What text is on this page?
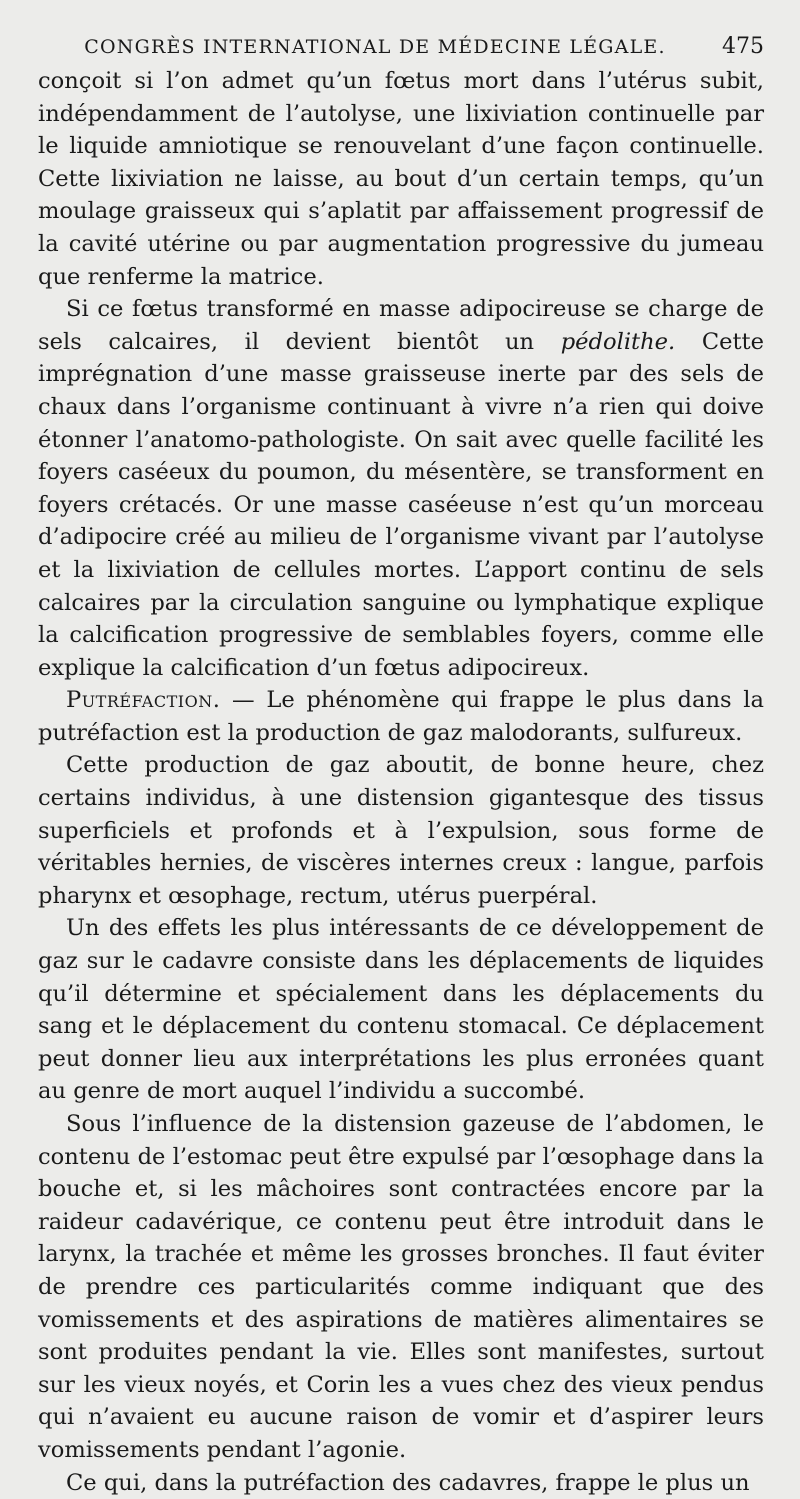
CONGRÈS INTERNATIONAL DE MÉDECINE LÉGALE.	475

conçoit si l’on admet qu’un fœtus mort dans l’utérus subit, indépendamment de l’autolyse, une lixiviation continuelle par le liquide amniotique se renouvelant d’une façon continuelle. Cette lixiviation ne laisse, au bout d’un certain temps, qu’un moulage graisseux qui s’aplatit par affaissement progressif de la cavité utérine ou par augmentation progressive du jumeau que renferme la matrice.

Si ce fœtus transformé en masse adipocireuse se charge de sels calcaires, il devient bientôt un pédolithe. Cette imprégnation d’une masse graisseuse inerte par des sels de chaux dans l’organisme continuant à vivre n’a rien qui doive étonner l’anatomo-pathologiste. On sait avec quelle facilité les foyers caséeux du poumon, du mésentère, se transforment en foyers crétacés. Or une masse caséeuse n’est qu’un morceau d’adipocire créé au milieu de l’organisme vivant par l’autolyse et la lixiviation de cellules mortes. L’apport continu de sels calcaires par la circulation sanguine ou lymphatique explique la calcification progressive de semblables foyers, comme elle explique la calcification d’un fœtus adipocireux.

Putréfaction. — Le phénomène qui frappe le plus dans la putréfaction est la production de gaz malodorants, sulfureux.

Cette production de gaz aboutit, de bonne heure, chez certains individus, à une distension gigantesque des tissus superficiels et profonds et à l’expulsion, sous forme de véritables hernies, de viscères internes creux : langue, parfois pharynx et œsophage, rectum, utérus puerpéral.

Un des effets les plus intéressants de ce développement de gaz sur le cadavre consiste dans les déplacements de liquides qu’il détermine et spécialement dans les déplacements du sang et le déplacement du contenu stomacal. Ce déplacement peut donner lieu aux interprétations les plus erronées quant au genre de mort auquel l’individu a succombé.

Sous l’influence de la distension gazeuse de l’abdomen, le contenu de l’estomac peut être expulsé par l’œsophage dans la bouche et, si les mâchoires sont contractées encore par la raideur cadavérique, ce contenu peut être introduit dans le larynx, la trachée et même les grosses bronches. Il faut éviter de prendre ces particularités comme indiquant que des vomissements et des aspirations de matières alimentaires se sont produites pendant la vie. Elles sont manifestes, surtout sur les vieux noyés, et Corin les a vues chez des vieux pendus qui n’avaient eu aucune raison de vomir et d’aspirer leurs vomissements pendant l’agonie.

Ce qui, dans la putréfaction des cadavres, frappe le plus un
